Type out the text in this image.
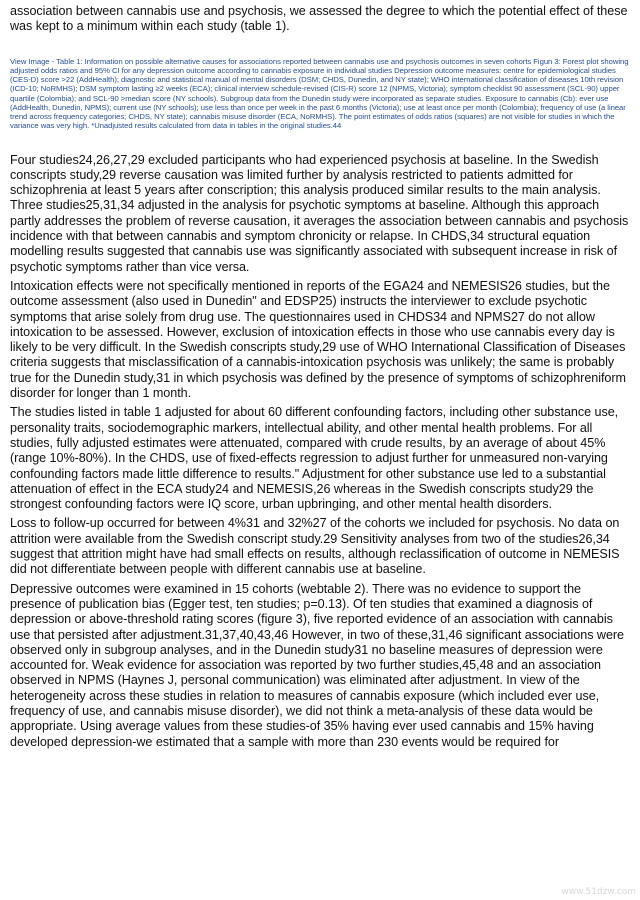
association between cannabis use and psychosis, we assessed the degree to which the potential effect of these was kept to a minimum within each study (table 1).

View Image - Table 1: Information on possible alternative causes for associations reported between cannabis use and psychosis outcomes in seven cohorts Figun 3: Forest plot showing adjusted odds ratios and 95% CI for any depression outcome according to cannabis exposure in individual studies Depression outcome measures: centre for epidemiological studies (CES-D) score >22 (AddHealth); diagnostic and statistical manual of mental disorders (DSM; CHDS, Dunedin, and NY state); WHO international classification of diseases 10th revision (ICD-10; NoRMHS); DSM symptom lasting ≥2 weeks (ECA); clinical interview schedule-revised (CIS-R) score 12 (NPMS, Victoria); symptom checklist 90 assessment (SCL-90) upper quartile (Colombia); and SCL-90 >median score (NY schools). Subgroup data from the Dunedin study were incorporated as separate studies. Exposure to cannabis (Cb): ever use (AddHealth, Dunedin, NPMS); current use (NY schools); use less than once per week in the past 6 months (Victoria); use at least once per month (Colombia); frequency of use (a linear trend across frequency categories; CHDS, NY state); cannabis misuse disorder (ECA, NoRMHS). The point estimates of odds ratios (squares) are not visible for studies in which the variance was very high. *Unadjusted results calculated from data in tables in the original studies.44

Four studies24,26,27,29 excluded participants who had experienced psychosis at baseline. In the Swedish conscripts study,29 reverse causation was limited further by analysis restricted to patients admitted for schizophrenia at least 5 years after conscription; this analysis produced similar results to the main analysis. Three studies25,31,34 adjusted in the analysis for psychotic symptoms at baseline. Although this approach partly addresses the problem of reverse causation, it averages the association between cannabis and psychosis incidence with that between cannabis and symptom chronicity or relapse. In CHDS,34 structural equation modelling results suggested that cannabis use was significantly associated with subsequent increase in risk of psychotic symptoms rather than vice versa.

Intoxication effects were not specifically mentioned in reports of the EGA24 and NEMESIS26 studies, but the outcome assessment (also used in Dunedin" and EDSP25) instructs the interviewer to exclude psychotic symptoms that arise solely from drug use. The questionnaires used in CHDS34 and NPMS27 do not allow intoxication to be assessed. However, exclusion of intoxication effects in those who use cannabis every day is likely to be very difficult. In the Swedish conscripts study,29 use of WHO International Classification of Diseases criteria suggests that misclassification of a cannabis-intoxication psychosis was unlikely; the same is probably true for the Dunedin study,31 in which psychosis was defined by the presence of symptoms of schizophreniform disorder for longer than 1 month.

The studies listed in table 1 adjusted for about 60 different confounding factors, including other substance use, personality traits, sociodemographic markers, intellectual ability, and other mental health problems. For all studies, fully adjusted estimates were attenuated, compared with crude results, by an average of about 45% (range 10%-80%). In the CHDS, use of fixed-effects regression to adjust further for unmeasured non-varying confounding factors made little difference to results." Adjustment for other substance use led to a substantial attenuation of effect in the ECA study24 and NEMESIS,26 whereas in the Swedish conscripts study29 the strongest confounding factors were IQ score, urban upbringing, and other mental health disorders.

Loss to follow-up occurred for between 4%31 and 32%27 of the cohorts we included for psychosis. No data on attrition were available from the Swedish conscript study.29 Sensitivity analyses from two of the studies26,34 suggest that attrition might have had small effects on results, although reclassification of outcome in NEMESIS did not differentiate between people with different cannabis use at baseline.

Depressive outcomes were examined in 15 cohorts (webtable 2). There was no evidence to support the presence of publication bias (Egger test, ten studies; p=0.13). Of ten studies that examined a diagnosis of depression or above-threshold rating scores (figure 3), five reported evidence of an association with cannabis use that persisted after adjustment.31,37,40,43,46 However, in two of these,31,46 significant associations were observed only in subgroup analyses, and in the Dunedin study31 no baseline measures of depression were accounted for. Weak evidence for association was reported by two further studies,45,48 and an association observed in NPMS (Haynes J, personal communication) was eliminated after adjustment. In view of the heterogeneity across these studies in relation to measures of cannabis exposure (which included ever use, frequency of use, and cannabis misuse disorder), we did not think a meta-analysis of these data would be appropriate. Using average values from these studies-of 35% having ever used cannabis and 15% having developed depression-we estimated that a sample with more than 230 events would be required for

www.51dzw.com
